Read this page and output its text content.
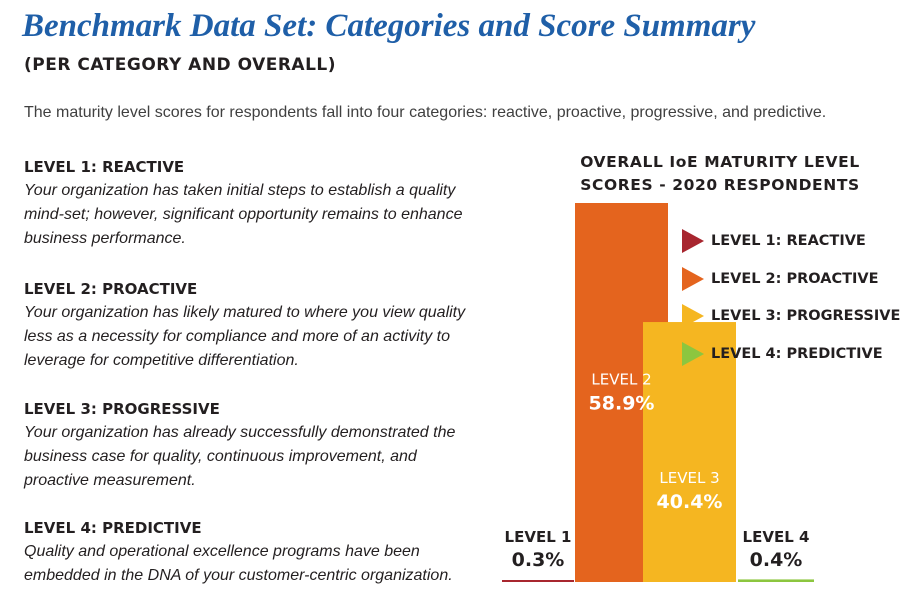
Benchmark Data Set: Categories and Score Summary
(PER CATEGORY AND OVERALL)
The maturity level scores for respondents fall into four categories: reactive, proactive, progressive, and predictive.
LEVEL 1: REACTIVE
Your organization has taken initial steps to establish a quality mind-set; however, significant opportunity remains to enhance business performance.
LEVEL 2: PROACTIVE
Your organization has likely matured to where you view quality less as a necessity for compliance and more of an activity to leverage for competitive differentiation.
LEVEL 3: PROGRESSIVE
Your organization has already successfully demonstrated the business case for quality, continuous improvement, and proactive measurement.
LEVEL 4: PREDICTIVE
Quality and operational excellence programs have been embedded in the DNA of your customer-centric organization.
OVERALL IoE MATURITY LEVEL
SCORES - 2020 RESPONDENTS
LEVEL 1
0.3%
LEVEL 2
58.9%
LEVEL 3
40.4%
LEVEL 4
0.4%
LEVEL 1: REACTIVE
LEVEL 2: PROACTIVE
LEVEL 3: PROGRESSIVE
LEVEL 4: PREDICTIVE
